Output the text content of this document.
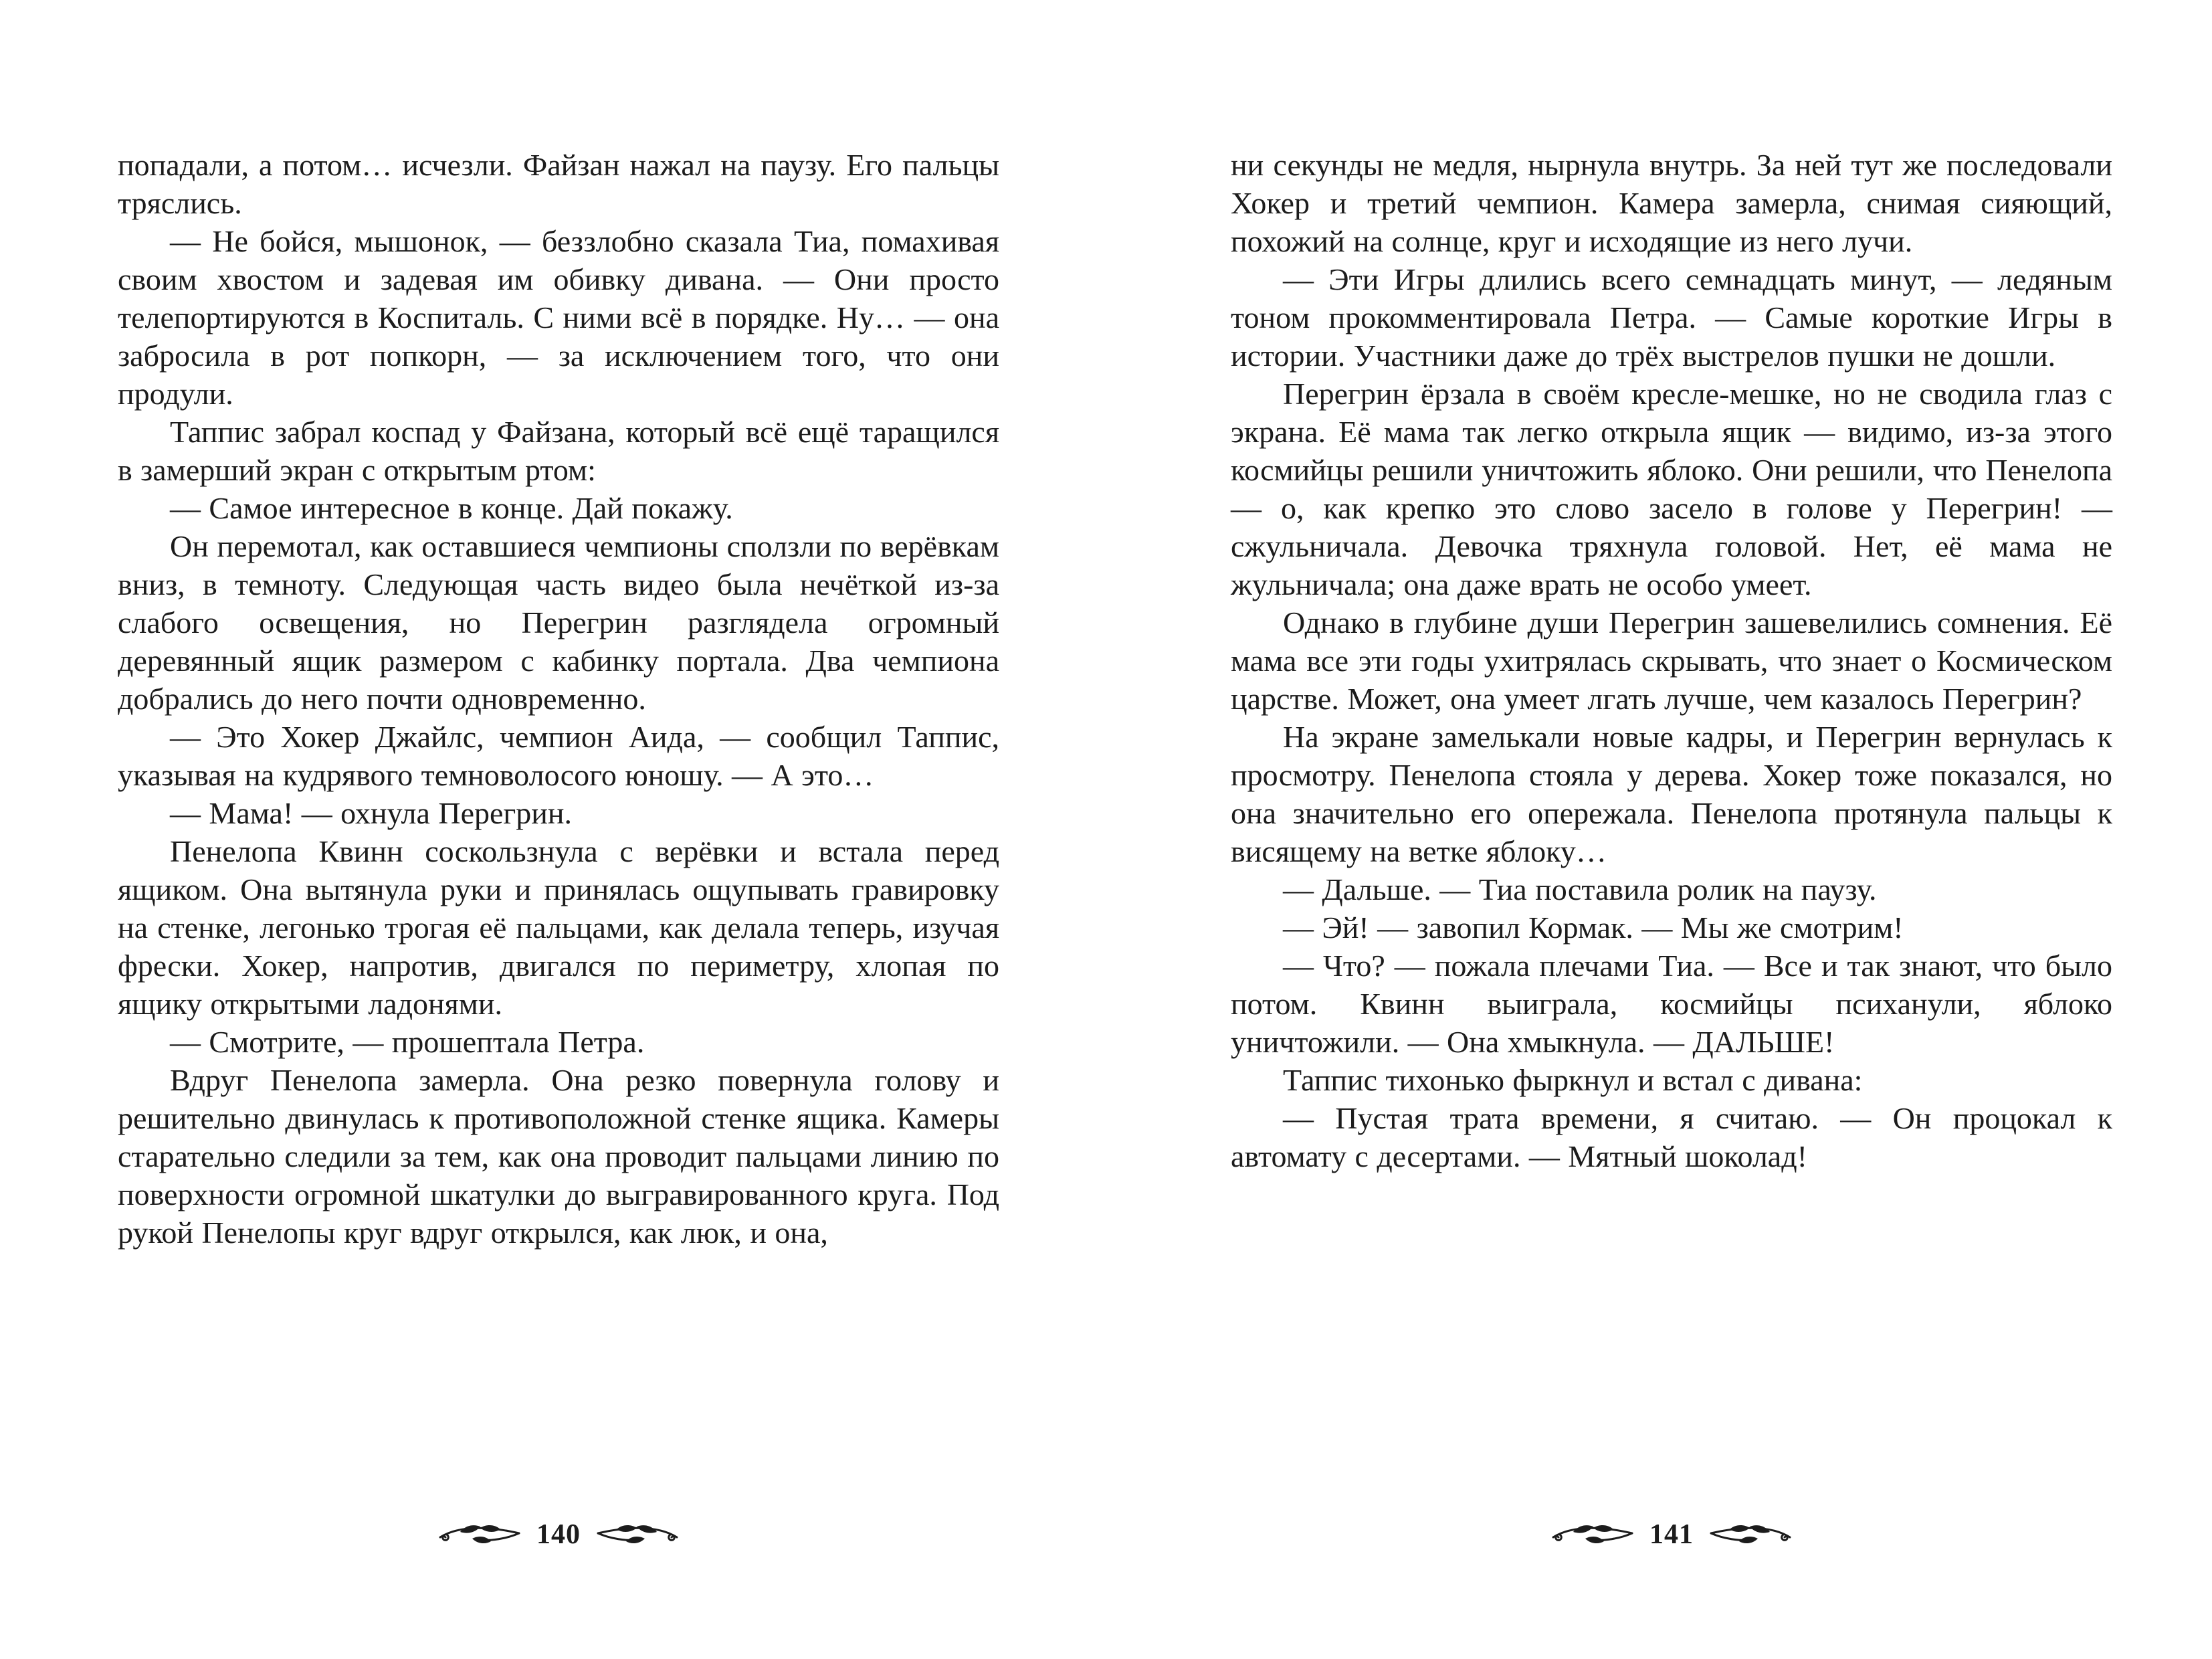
попадали, а потом… исчезли. Файзан нажал на паузу. Его пальцы тряслись.

— Не бойся, мышонок, — беззлобно сказала Тиа, помахивая своим хвостом и задевая им обивку дивана. — Они просто телепортируются в Коспиталь. С ними всё в порядке. Ну… — она забросила в рот попкорн, — за исключением того, что они продули.

Таппис забрал коспад у Файзана, который всё ещё таращился в замерший экран с открытым ртом:

— Самое интересное в конце. Дай покажу.

Он перемотал, как оставшиеся чемпионы сползли по верёвкам вниз, в темноту. Следующая часть видео была нечёткой из-за слабого освещения, но Перегрин разглядела огромный деревянный ящик размером с кабинку портала. Два чемпиона добрались до него почти одновременно.

— Это Хокер Джайлс, чемпион Аида, — сообщил Таппис, указывая на кудрявого темноволосого юношу. — А это…

— Мама! — охнула Перегрин.

Пенелопа Квинн соскользнула с верёвки и встала перед ящиком. Она вытянула руки и принялась ощупывать гравировку на стенке, легонько трогая её пальцами, как делала теперь, изучая фрески. Хокер, напротив, двигался по периметру, хлопая по ящику открытыми ладонями.

— Смотрите, — прошептала Петра.

Вдруг Пенелопа замерла. Она резко повернула голову и решительно двинулась к противоположной стенке ящика. Камеры старательно следили за тем, как она проводит пальцами линию по поверхности огромной шкатулки до выгравированного круга. Под рукой Пенелопы круг вдруг открылся, как люк, и она,

140

ни секунды не медля, нырнула внутрь. За ней тут же последовали Хокер и третий чемпион. Камера замерла, снимая сияющий, похожий на солнце, круг и исходящие из него лучи.

— Эти Игры длились всего семнадцать минут, — ледяным тоном прокомментировала Петра. — Самые короткие Игры в истории. Участники даже до трёх выстрелов пушки не дошли.

Перегрин ёрзала в своём кресле-мешке, но не сводила глаз с экрана. Её мама так легко открыла ящик — видимо, из-за этого космийцы решили уничтожить яблоко. Они решили, что Пенелопа — о, как крепко это слово засело в голове у Перегрин! — сжульничала. Девочка тряхнула головой. Нет, её мама не жульничала; она даже врать не особо умеет.

Однако в глубине души Перегрин зашевелились сомнения. Её мама все эти годы ухитрялась скрывать, что знает о Космическом царстве. Может, она умеет лгать лучше, чем казалось Перегрин?

На экране замелькали новые кадры, и Перегрин вернулась к просмотру. Пенелопа стояла у дерева. Хокер тоже показался, но она значительно его опережала. Пенелопа протянула пальцы к висящему на ветке яблоку…

— Дальше. — Тиа поставила ролик на паузу.

— Эй! — завопил Кормак. — Мы же смотрим!

— Что? — пожала плечами Тиа. — Все и так знают, что было потом. Квинн выиграла, космийцы психанули, яблоко уничтожили. — Она хмыкнула. — ДАЛЬШЕ!

Таппис тихонько фыркнул и встал с дивана:

— Пустая трата времени, я считаю. — Он процокал к автомату с десертами. — Мятный шоколад!

141
